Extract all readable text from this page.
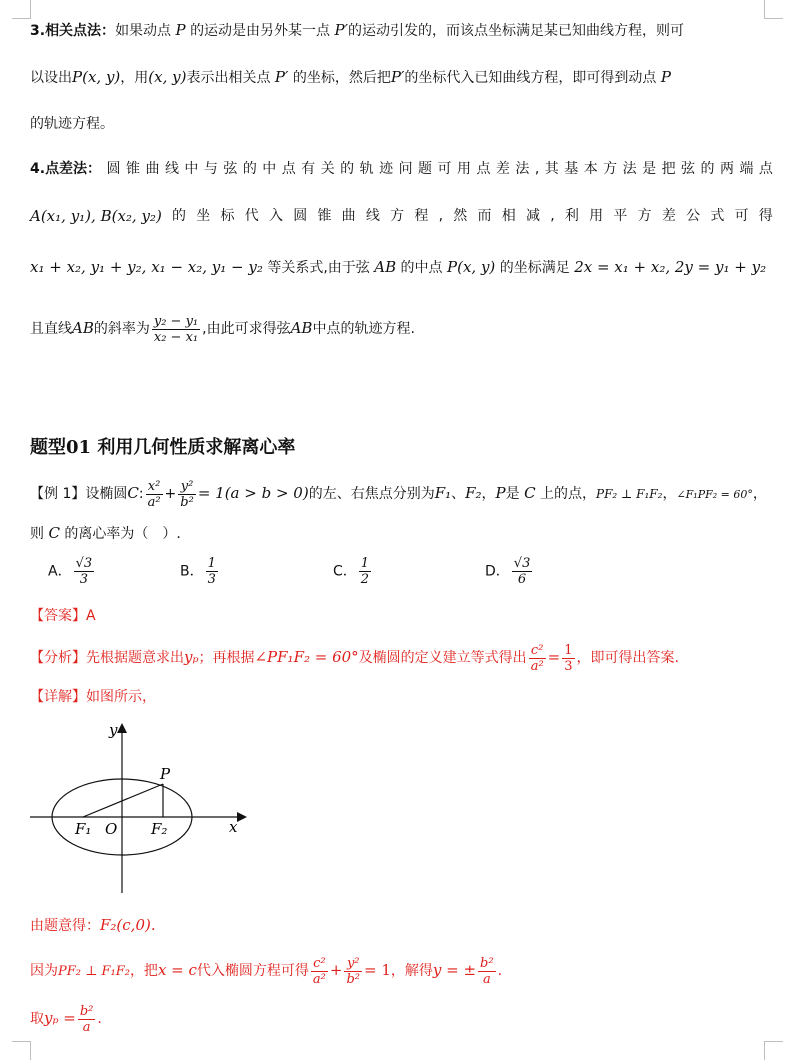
3.相关点法：如果动点 P 的运动是由另外某一点 P′的运动引发的，而该点坐标满足某已知曲线方程，则可
以设出P(x, y)，用(x, y)表示出相关点 P′ 的坐标，然后把P′的坐标代入已知曲线方程，即可得到动点 P
的轨迹方程。
4.点差法： 圆 锥 曲 线 中 与 弦 的 中 点 有 关 的 轨 迹 问 题 可 用 点 差 法 , 其 基 本 方 法 是 把 弦 的 两 端 点
A(x₁, y₁), B(x₂, y₂) 的 坐 标 代 入 圆 锥 曲 线 方 程 , 然 而 相 减 , 利 用 平 方 差 公 式 可 得
x₁ + x₂, y₁ + y₂, x₁ − x₂, y₁ − y₂ 等关系式,由于弦 AB 的中点 P(x, y) 的坐标满足 2x = x₁ + x₂, 2y = y₁ + y₂
且直线AB的斜率为 $\frac{\text{y₂ − y₁}}{\text{x₂ − x₁}}$ ,由此可求得弦AB中点的轨迹方程.
题型01 利用几何性质求解离心率
【例 1】设椭圆C: $\frac{\text{x²}}{\text{a²}} + \frac{\text{y²}}{\text{b²}} = 1(a > b > 0)$的左、右焦点分别为F₁、F₂，P是 C 上的点，PF₂ ⊥ F₁F₂，∠F₁PF₂ = 60°，
则 C 的离心率为（　）.
A． $\frac{√3}{3}$	B． $\frac{1}{3}$	C． $\frac{1}{2}$	D． $\frac{√3}{6}$
【答案】A
【分析】先根据题意求出yₚ；再根据∠PF₁F₂ = 60°及椭圆的定义建立等式得出 $\frac{\text{c²}}{\text{a²}} = \frac{1}{3}$ ，即可得出答案.
【详解】如图所示，
y
x
P
F₁ O F₂
由题意得：F₂(c,0).
因为PF₂ ⊥ F₁F₂，把x = c代入椭圆方程可得 $\frac{\text{c²}}{\text{a²}} + \frac{\text{y²}}{\text{b²}} = 1$，解得y = ± $\frac{\text{b²}}{a}$ .
取$y_p = \frac{\text{b²}}{a}$ .
